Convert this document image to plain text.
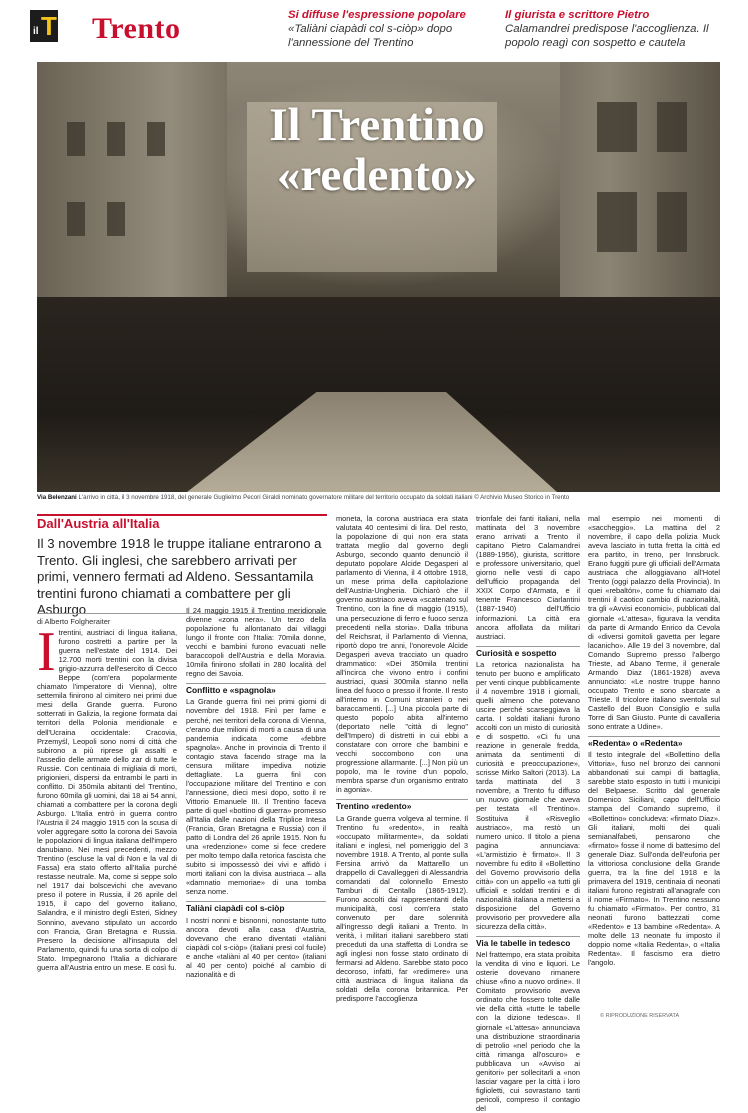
il T Trento	Si diffuse l'espressione popolare
«Taliàni ciapàdi col s-ciòp» dopo l'annessione del Trentino
Il giurista e scrittore Pietro
Calamandrei predispose l'accoglienza. Il popolo reagì con sospetto e cautela
Il Trentino
«redento»
Via Belenzani L'arrivo in città, il 3 novembre 1918, del generale Guglielmo Pecori Giraldi nominato governatore militare del territorio occupato da soldati italiani © Archivio Museo Storico in Trento
Dall'Austria all'Italia
Il 3 novembre 1918 le truppe italiane entrarono a Trento. Gli inglesi, che sarebbero arrivati per primi, vennero fermati ad Aldeno. Sessantamila trentini furono chiamati a combattere per gli Asburgo
di Alberto Folgheraiter
I trentini, austriaci di lingua italiana, furono costretti a partire per la guerra nell'estate del 1914. Dei 12.700 morti trentini con la divisa grigio-azzurra dell'esercito di Cecco Beppe (com'era popolarmente chiamato l'imperatore di Vienna), oltre settemila finirono al cimitero nei primi due mesi della Grande guerra. Furono sotterrati in Galizia, la regione formata dai territori della Polonia meridionale e dell'Ucraina occidentale: Cracovia, Przemyśl, Leopoli sono nomi di città che subirono a più riprese gli assalti e l'assedio delle armate dello zar di tutte le Russie. Con centinaia di migliaia di morti, prigionieri, dispersi da entrambi le parti in conflitto. Di 350mila abitanti del Trentino, furono 60mila gli uomini, dai 18 ai 54 anni, chiamati a combattere per la corona degli Asburgo. L'Italia entrò in guerra contro l'Austria il 24 maggio 1915 con la scusa di voler aggregare sotto la corona dei Savoia le popolazioni di lingua italiana dell'impero danubiano. Nei mesi precedenti, mezzo Trentino (escluse la val di Non e la val di Fassa) era stato offerto all'Italia purché restasse neutrale. Ma, come si seppe solo nel 1917 dai bolscevichi che avevano preso il potere in Russia, il 26 aprile del 1915, il capo del governo italiano, Salandra, e il ministro degli Esteri, Sidney Sonnino, avevano stipulato un accordo con Francia, Gran Bretagna e Russia. Presero la decisione all'insaputa del Parlamento, quindi fu una sorta di colpo di Stato. Impegnarono l'Italia a dichiarare guerra all'Austria entro un mese. E così fu.

Il 24 maggio 1915 il Trentino meridionale divenne «zona nera». Un terzo della popolazione fu allontanato dai villaggi lungo il fronte con l'Italia: 70mila donne, vecchi e bambini furono evacuati nelle baraccopoli dell'Austria e della Moravia. 10mila finirono sfollati in 280 località del regno dei Savoia.

Conflitto e «spagnola»

La Grande guerra finì nei primi giorni di novembre del 1918. Finì per fame e perché, nei territori della corona di Vienna, c'erano due milioni di morti a causa di una pandemia indicata come «febbre spagnola». Anche in provincia di Trento il contagio stava facendo strage ma la censura militare impediva notizie dettagliate. La guerra finì con l'occupazione militare del Trentino e con l'annessione, dieci mesi dopo, sotto il re Vittorio Emanuele III. Il Trentino faceva parte di quel «bottino di guerra» promesso all'Italia dalle nazioni della Triplice Intesa (Francia, Gran Bretagna e Russia) con il patto di Londra del 26 aprile 1915. Non fu una «redenzione» come si fece credere per molto tempo dalla retorica fascista che subito si impossessò dei vivi e affidò i morti italiani con la divisa austriaca – alla «damnatio memoriae» di una tomba senza nome.

Taliàni ciapàdi col s-ciòp

I nostri nonni e bisnonni, nonostante tutto ancora devoti alla casa d'Austria, dovevano che erano diventati «taliàni ciapàdi col s-ciòp» (italiani presi col fucile) e anche «taliàni al 40 per cento» (italiani al 40 per cento) poiché al cambio di nazionalità e di

moneta, la corona austriaca era stata valutata 40 centesimi di lira. Del resto, la popolazione di qui non era stata trattata meglio dal governo degli Asburgo, secondo quanto denunciò il deputato popolare Alcide Degasperi al parlamento di Vienna, il 4 ottobre 1918, un mese prima della capitolazione dell'Austria-Ungheria. Dichiarò che il governo austriaco aveva «scatenato sul Trentino, con la fine di maggio (1915), una persecuzione di ferro e fuoco senza precedenti nella storia». Dalla tribuna del Reichsrat, il Parlamento di Vienna, riportò dopo tre anni, l'onorevole Alcide Degasperi aveva tracciato un quadro drammatico: «Dei 350mila trentini all'incirca che vivono entro i confini austriaci, quasi 300mila stanno nella linea del fuoco o presso il fronte. Il resto all'interno in Comuni stranieri o nei baraccamenti. [...] Una piccola parte di questo popolo abita all'interno (deportato nelle "città di legno" dell'Impero) di distretti in cui ebbi a constatare con orrore che bambini e vecchi soccombono con una progressione allarmante. [...] Non più un popolo, ma le rovine d'un popolo, membra sparse d'un organismo entrato in agonia».

Trentino «redento»

La Grande guerra volgeva al termine. Il Trentino fu «redento», in realtà «occupato militarmente», da soldati italiani e inglesi, nel pomeriggio del 3 novembre 1918. A Trento, al ponte sulla Fersina arrivò da Mattarello un drappello di Cavalleggeri di Alessandria comandati dal colonnello Ernesto Tamburi di Centallo (1865-1912). Furono accolti dai rappresentanti della municipalità, così com'era stato convenuto per dare solennità all'ingresso degli italiani a Trento. In verità, i militari italiani sarebbero stati preceduti da una staffetta di Londra se agli inglesi non fosse stato ordinato di fermarsi ad Aldeno. Sarebbe stato poco decoroso, infatti, far «redimere» una città austriaca di lingua italiana da soldati della corona britannica. Per predisporre l'accoglienza

trionfale dei fanti italiani, nella mattinata del 3 novembre erano arrivati a Trento il capitano Pietro Calamandrei (1889-1956), giurista, scrittore e professore universitario, quel giorno nelle vesti di capo dell'ufficio propaganda del XXIX Corpo d'Armata, e il tenente Francesco Ciarlantini (1887-1940) dell'Ufficio informazioni. La città era ancora affollata da militari austriaci.

Curiosità e sospetto

La retorica nazionalista ha tenuto per buono e amplificato per venti cinque pubblicamente il 4 novembre 1918 i giornali, quelli almeno che potevano uscire perché scarseggiava la carta. I soldati italiani furono accolti con un misto di curiosità e di sospetto. «Ci fu una reazione in generale fredda, animata da sentimenti di curiosità e preoccupazione», scrisse Mirko Saltori (2013). La tarda mattinata del 3 novembre, a Trento fu diffuso un nuovo giornale che aveva per testata «Il Trentino». Sostituiva il «Risveglio austriaco», ma restò un numero unico. Il titolo a piena pagina annunciava: «L'armistizio è firmato». Il 3 novembre fu edito il «Bollettino del Governo provvisorio della città» con un appello «a tutti gli ufficiali e soldati trentini e di nazionalità italiana a mettersi a disposizione del Governo provvisorio per provvedere alla sicurezza della città».

Via le tabelle in tedesco

Nel frattempo, era stata proibita la vendita di vino e liquori. Le osterie dovevano rimanere chiuse «fino a nuovo ordine». Il Comitato provvisorio aveva ordinato che fossero tolte dalle vie della città «tutte le tabelle con la dizione tedesca». Il giornale «L'attesa» annunciava una distribuzione straordinaria di petrolio «nel periodo che la città rimanga all'oscuro» e pubblicava un «Avviso ai genitori» per sollecitarli a «non lasciar vagare per la città i loro figlioletti, cui sovrastano tanti pericoli, compreso il contagio del

mal esempio nei momenti di «saccheggio». La mattina del 2 novembre, il capo della polizia Muck aveva lasciato in tutta fretta la città ed era partito, in treno, per Innsbruck. Erano fuggiti pure gli ufficiali dell'Armata austriaca che alloggiavano all'Hotel Trento (oggi palazzo della Provincia). In quei «rebaltón», come fu chiamato dai trentini il caotico cambio di nazionalità, tra gli «Avvisi economici», pubblicati dal giornale «L'attesa», figurava la vendita da parte di Armando Enrico da Cevola di «diversi gomitoli gavetta per legare lacanicho». Alle 19 del 3 novembre, dal Comando Supremo presso l'albergo Trieste, ad Abano Terme, il generale Armando Diaz (1861-1928) aveva annunciato: «Le nostre truppe hanno occupato Trento e sono sbarcate a Trieste. Il tricolore italiano sventola sul Castello del Buon Consiglio e sulla Torre di San Giusto. Punte di cavalleria sono entrate a Udine».

«Redenta» o «Redenta»

Il testo integrale del «Bollettino della Vittoria», fuso nel bronzo dei cannoni abbandonati sui campi di battaglia, sarebbe stato esposto in tutti i municipi del Belpaese. Scritto dal generale Domenico Siciliani, capo dell'Ufficio stampa del Comando supremo, il «Bollettino» concludeva: «firmato Diaz». Gli italiani, molti dei quali semianalfabeti, pensarono che «firmato» fosse il nome di battesimo del generale Diaz. Sull'onda dell'euforia per la vittoriosa conclusione della Grande guerra, tra la fine del 1918 e la primavera del 1919, centinaia di neonati italiani furono registrati all'anagrafe con il nome «Firmato». In Trentino nessuno fu chiamato «Firmato». Per contro, 31 neonati furono battezzati come «Redento» e 13 bambine «Redenta». A molte delle 13 neonate fu imposto il doppio nome «Italia Redenta», o «Italia Redenta». Il fascismo era dietro l'angolo.

© RIPRODUZIONE RISERVATA
